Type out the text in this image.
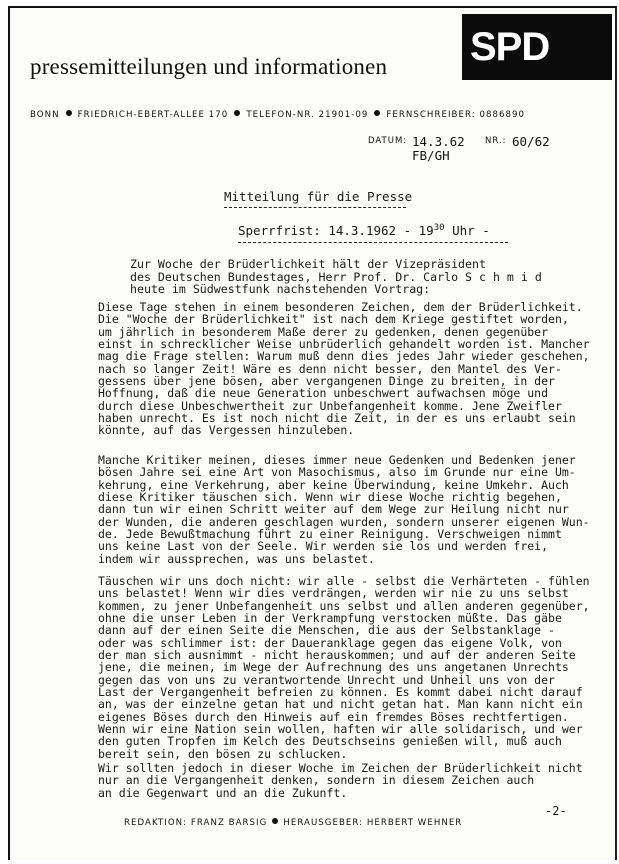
SPD
pressemitteilungen und informationen
BONN FRIEDRICH-EBERT-ALLEE 170 TELEFON-NR. 21901-09 FERNSCHREIBER: 0886890
DATUM: 14.3.62
FB/GH
NR.: 60/62
Mitteilung für die Presse
Sperrfrist: $14.3.1962 - 19^{30}$ Uhr -
Zur Woche der Brüderlichkeit hält der Vizepräsident
des Deutschen Bundestages, Herr Prof. Dr. Carlo S c h m i d
heute im Südwestfunk nachstehenden Vortrag:
Diese Tage stehen in einem besonderen Zeichen, dem der Brüderlichkeit.
Die "Woche der Brüderlichkeit" ist nach dem Kriege gestiftet worden,
um jährlich in besonderem Maße derer zu gedenken, denen gegenüber
einst in schrecklicher Weise unbrüderlich gehandelt worden ist. Mancher
mag die Frage stellen: Warum muß denn dies jedes Jahr wieder geschehen,
nach so langer Zeit! Wäre es denn nicht besser, den Mantel des Ver-
gessens über jene bösen, aber vergangenen Dinge zu breiten, in der
Hoffnung, daß die neue Generation unbeschwert aufwachsen möge und
durch diese Unbeschwertheit zur Unbefangenheit komme. Jene Zweifler
haben unrecht. Es ist noch nicht die Zeit, in der es uns erlaubt sein
könnte, auf das Vergessen hinzuleben.
Manche Kritiker meinen, dieses immer neue Gedenken und Bedenken jener
bösen Jahre sei eine Art von Masochismus, also im Grunde nur eine Um-
kehrung, eine Verkehrung, aber keine Überwindung, keine Umkehr. Auch
diese Kritiker täuschen sich. Wenn wir diese Woche richtig begehen,
dann tun wir einen Schritt weiter auf dem Wege zur Heilung nicht nur
der Wunden, die anderen geschlagen wurden, sondern unserer eigenen Wun-
de. Jede Bewußtmachung führt zu einer Reinigung. Verschweigen nimmt
uns keine Last von der Seele. Wir werden sie los und werden frei,
indem wir aussprechen, was uns belastet.
Täuschen wir uns doch nicht: wir alle - selbst die Verhärteten - fühlen
uns belastet! Wenn wir dies verdrängen, werden wir nie zu uns selbst
kommen, zu jener Unbefangenheit uns selbst und allen anderen gegenüber,
ohne die unser Leben in der Verkrampfung verstocken müßte. Das gäbe
dann auf der einen Seite die Menschen, die aus der Selbstanklage -
oder was schlimmer ist: der Daueranklage gegen das eigene Volk, von
der man sich ausnimmt - nicht herauskommen; und auf der anderen Seite
jene, die meinen, im Wege der Aufrechnung des uns angetanen Unrechts
gegen das von uns zu verantwortende Unrecht und Unheil uns von der
Last der Vergangenheit befreien zu können. Es kommt dabei nicht darauf
an, was der einzelne getan hat und nicht getan hat. Man kann nicht ein
eigenes Böses durch den Hinweis auf ein fremdes Böses rechtfertigen.
Wenn wir eine Nation sein wollen, haften wir alle solidarisch, und wer
den guten Tropfen im Kelch des Deutschseins genießen will, muß auch
bereit sein, den bösen zu schlucken.
Wir sollten jedoch in dieser Woche im Zeichen der Brüderlichkeit nicht
nur an die Vergangenheit denken, sondern in diesem Zeichen auch
an die Gegenwart und an die Zukunft.
-2-
REDAKTION: FRANZ BARSIG HERAUSGEBER: HERBERT WEHNER
